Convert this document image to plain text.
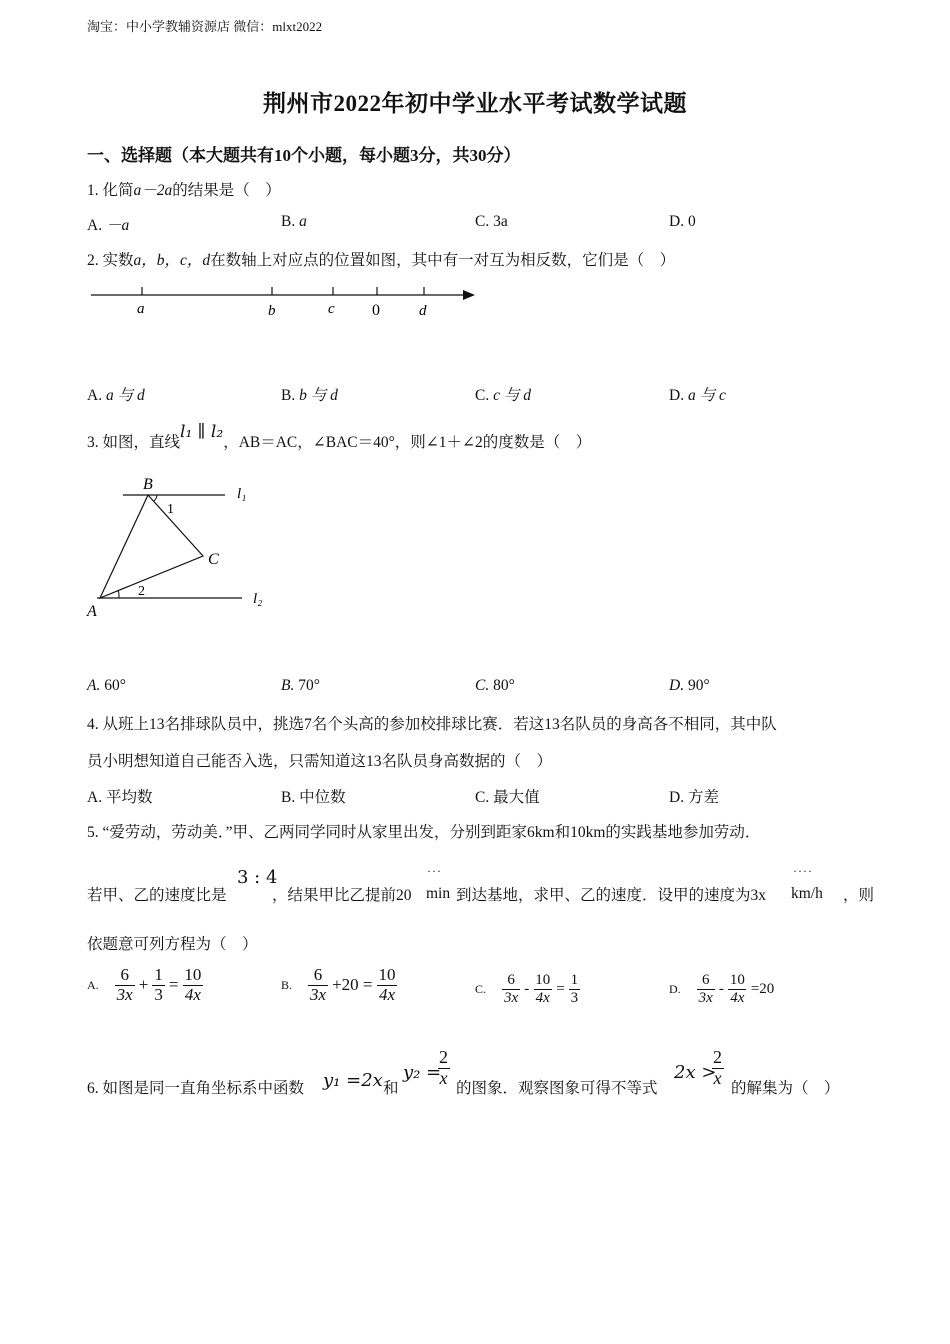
淘宝：中小学教辅资源店 微信：mlxt2022
荆州市2022年初中学业水平考试数学试题
一、选择题（本大题共有10个小题，每小题3分，共30分）
1. 化简a－2a的结果是（　）
A. －a	B. a	C. 3a	D. 0
2. 实数a，b，c，d在数轴上对应点的位置如图，其中有一对互为相反数，它们是（　）
a	b	c 0	d
A. a 与 d	B. b 与 d	C. c 与 d	D. a 与 c
3. 如图，直线l₁ ∥ l₂，AB＝AC，∠BAC＝40°，则∠1＋∠2的度数是（　）
B
C
A
1
2
l₁
l₂
A. 60°	B. 70°	C. 80°	D. 90°
4. 从班上13名排球队员中，挑选7名个头高的参加校排球比赛．若这13名队员的身高各不相同，其中队
员小明想知道自己能否入选，只需知道这13名队员身高数据的（　）
A. 平均数	B. 中位数	C. 最大值	D. 方差
5. “爱劳动，劳动美．”甲、乙两同学同时从家里出发，分别到距家6km和10km的实践基地参加劳动．
若甲、乙的速度比是
3 : 4
，结果甲比乙提前20
···
min 到达基地，求甲、乙的速度．设甲的速度为3x
····
km/h ，则
依题意可列方程为（　）
A. $\frac{6}{3x} + \frac{1}{3} = \frac{10}{4x}$	B. $\frac{6}{3x} +20 = \frac{10}{4x}$	C. $\frac{6}{3x} - \frac{10}{4x} = \frac{1}{3}$	D. $\frac{6}{3x} - \frac{10}{4x} =20$
6. 如图是同一直角坐标系中函数 y₁ =2x 和
y₂ =
$\frac{2}{x}$ 的图象．观察图象可得不等式
2x >
$\frac{2}{x}$ 的解集为（　）
